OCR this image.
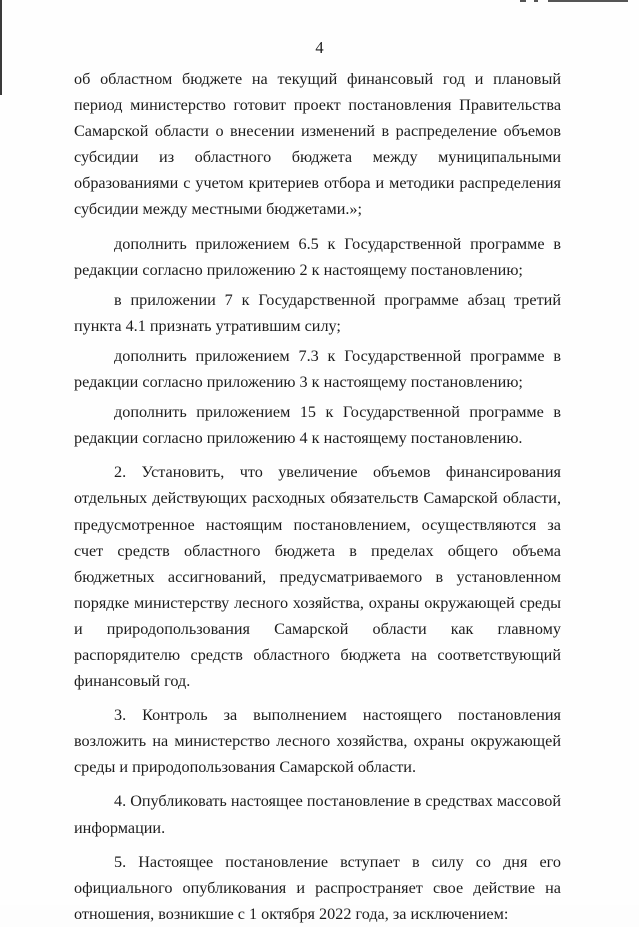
4

об областном бюджете на текущий финансовый год и плановый период министерство готовит проект постановления Правительства Самарской области о внесении изменений в распределение объемов субсидии из областного бюджета между муниципальными образованиями с учетом критериев отбора и методики распределения субсидии между местными бюджетами.»;

дополнить приложением 6.5 к Государственной программе в редакции согласно приложению 2 к настоящему постановлению;

в приложении 7 к Государственной программе абзац третий пункта 4.1 признать утратившим силу;

дополнить приложением 7.3 к Государственной программе в редакции согласно приложению 3 к настоящему постановлению;

дополнить приложением 15 к Государственной программе в редакции согласно приложению 4 к настоящему постановлению.

2. Установить, что увеличение объемов финансирования отдельных действующих расходных обязательств Самарской области, предусмотренное настоящим постановлением, осуществляются за счет средств областного бюджета в пределах общего объема бюджетных ассигнований, предусматриваемого в установленном порядке министерству лесного хозяйства, охраны окружающей среды и природопользования Самарской области как главному распорядителю средств областного бюджета на соответствующий финансовый год.

3. Контроль за выполнением настоящего постановления возложить на министерство лесного хозяйства, охраны окружающей среды и природопользования Самарской области.

4. Опубликовать настоящее постановление в средствах массовой информации.

5. Настоящее постановление вступает в силу со дня его официального опубликования и распространяет свое действие на отношения, возникшие с 1 октября 2022 года, за исключением:
